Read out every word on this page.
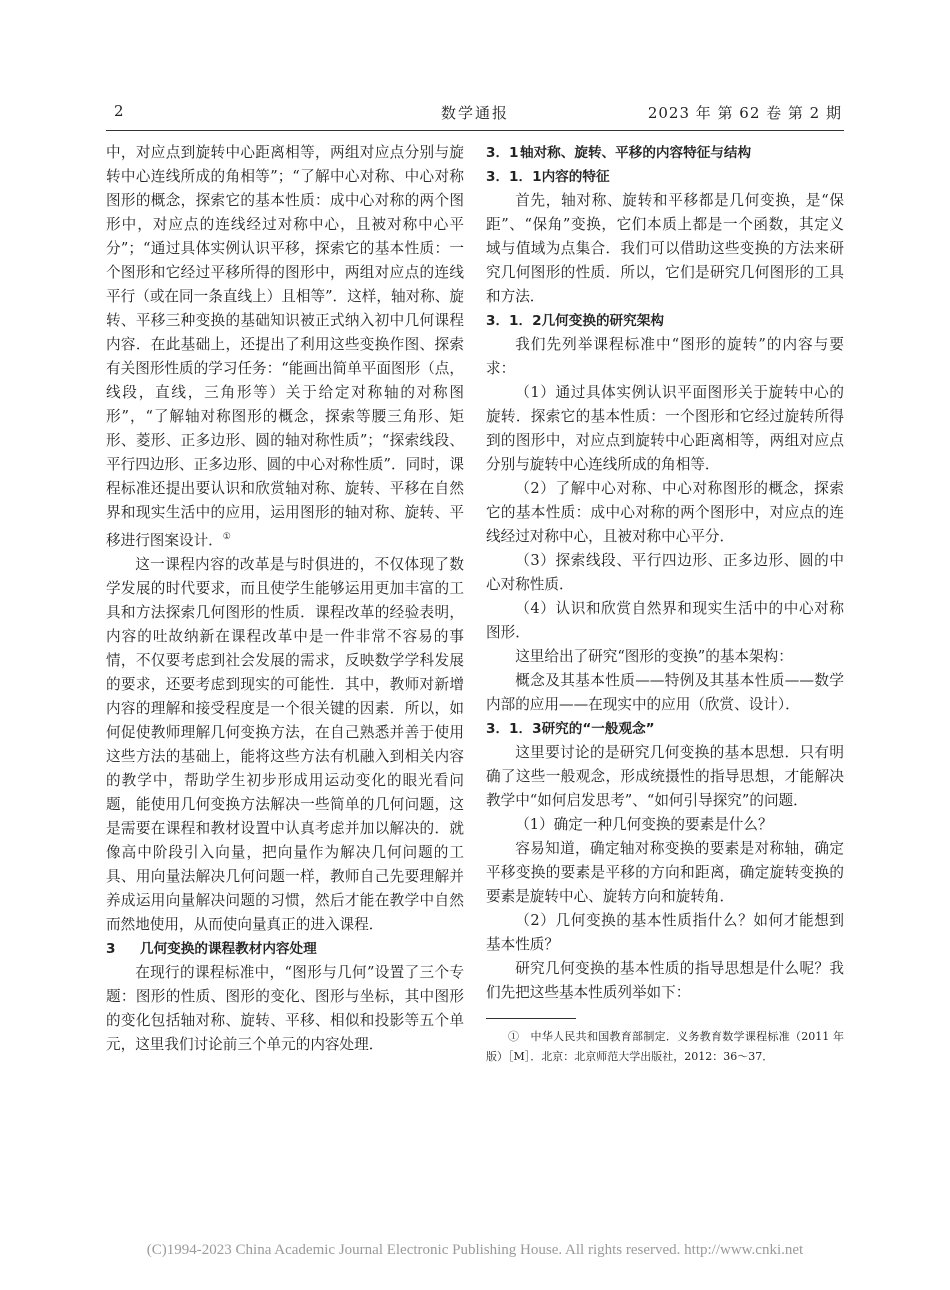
2	数学通报	2023 年 第 62 卷 第 2 期

中，对应点到旋转中心距离相等，两组对应点分别与旋转中心连线所成的角相等”；“了解中心对称、中心对称图形的概念，探索它的基本性质：成中心对称的两个图形中，对应点的连线经过对称中心，且被对称中心平分”；“通过具体实例认识平移，探索它的基本性质：一个图形和它经过平移所得的图形中，两组对应点的连线平行（或在同一条直线上）且相等”．这样，轴对称、旋转、平移三种变换的基础知识被正式纳入初中几何课程内容．在此基础上，还提出了利用这些变换作图、探索有关图形性质的学习任务：“能画出简单平面图形（点，线段，直线，三角形等）关于给定对称轴的对称图形”，“了解轴对称图形的概念，探索等腰三角形、矩形、菱形、正多边形、圆的轴对称性质”；“探索线段、平行四边形、正多边形、圆的中心对称性质”．同时，课程标准还提出要认识和欣赏轴对称、旋转、平移在自然界和现实生活中的应用，运用图形的轴对称、旋转、平移进行图案设计．①

这一课程内容的改革是与时俱进的，不仅体现了数学发展的时代要求，而且使学生能够运用更加丰富的工具和方法探索几何图形的性质．课程改革的经验表明，内容的吐故纳新在课程改革中是一件非常不容易的事情，不仅要考虑到社会发展的需求，反映数学学科发展的要求，还要考虑到现实的可能性．其中，教师对新增内容的理解和接受程度是一个很关键的因素．所以，如何促使教师理解几何变换方法，在自己熟悉并善于使用这些方法的基础上，能将这些方法有机融入到相关内容的教学中，帮助学生初步形成用运动变化的眼光看问题，能使用几何变换方法解决一些简单的几何问题，这是需要在课程和教材设置中认真考虑并加以解决的．就像高中阶段引入向量，把向量作为解决几何问题的工具、用向量法解决几何问题一样，教师自己先要理解并养成运用向量解决问题的习惯，然后才能在教学中自然而然地使用，从而使向量真正的进入课程．

3 几何变换的课程教材内容处理

在现行的课程标准中，“图形与几何”设置了三个专题：图形的性质、图形的变化、图形与坐标，其中图形的变化包括轴对称、旋转、平移、相似和投影等五个单元，这里我们讨论前三个单元的内容处理．

3．1轴对称、旋转、平移的内容特征与结构

3．1．1内容的特征

首先，轴对称、旋转和平移都是几何变换，是“保距”、“保角”变换，它们本质上都是一个函数，其定义域与值域为点集合．我们可以借助这些变换的方法来研究几何图形的性质．所以，它们是研究几何图形的工具和方法．

3．1．2几何变换的研究架构

我们先列举课程标准中“图形的旋转”的内容与要求：

（1）通过具体实例认识平面图形关于旋转中心的旋转．探索它的基本性质：一个图形和它经过旋转所得到的图形中，对应点到旋转中心距离相等，两组对应点分别与旋转中心连线所成的角相等．

（2）了解中心对称、中心对称图形的概念，探索它的基本性质：成中心对称的两个图形中，对应点的连线经过对称中心，且被对称中心平分．

（3）探索线段、平行四边形、正多边形、圆的中心对称性质．

（4）认识和欣赏自然界和现实生活中的中心对称图形．

这里给出了研究“图形的变换”的基本架构：

概念及其基本性质——特例及其基本性质——数学内部的应用——在现实中的应用（欣赏、设计）．

3．1．3研究的“一般观念”

这里要讨论的是研究几何变换的基本思想．只有明确了这些一般观念，形成统摄性的指导思想，才能解决教学中“如何启发思考”、“如何引导探究”的问题．

（1）确定一种几何变换的要素是什么？

容易知道，确定轴对称变换的要素是对称轴，确定平移变换的要素是平移的方向和距离，确定旋转变换的要素是旋转中心、旋转方向和旋转角．

（2）几何变换的基本性质指什么？如何才能想到基本性质？

研究几何变换的基本性质的指导思想是什么呢？我们先把这些基本性质列举如下：

①　中华人民共和国教育部制定．义务教育数学课程标准（2011 年版）［M］．北京：北京师范大学出版社，2012：36～37．

(C)1994-2023 China Academic Journal Electronic Publishing House. All rights reserved. http://www.cnki.net
